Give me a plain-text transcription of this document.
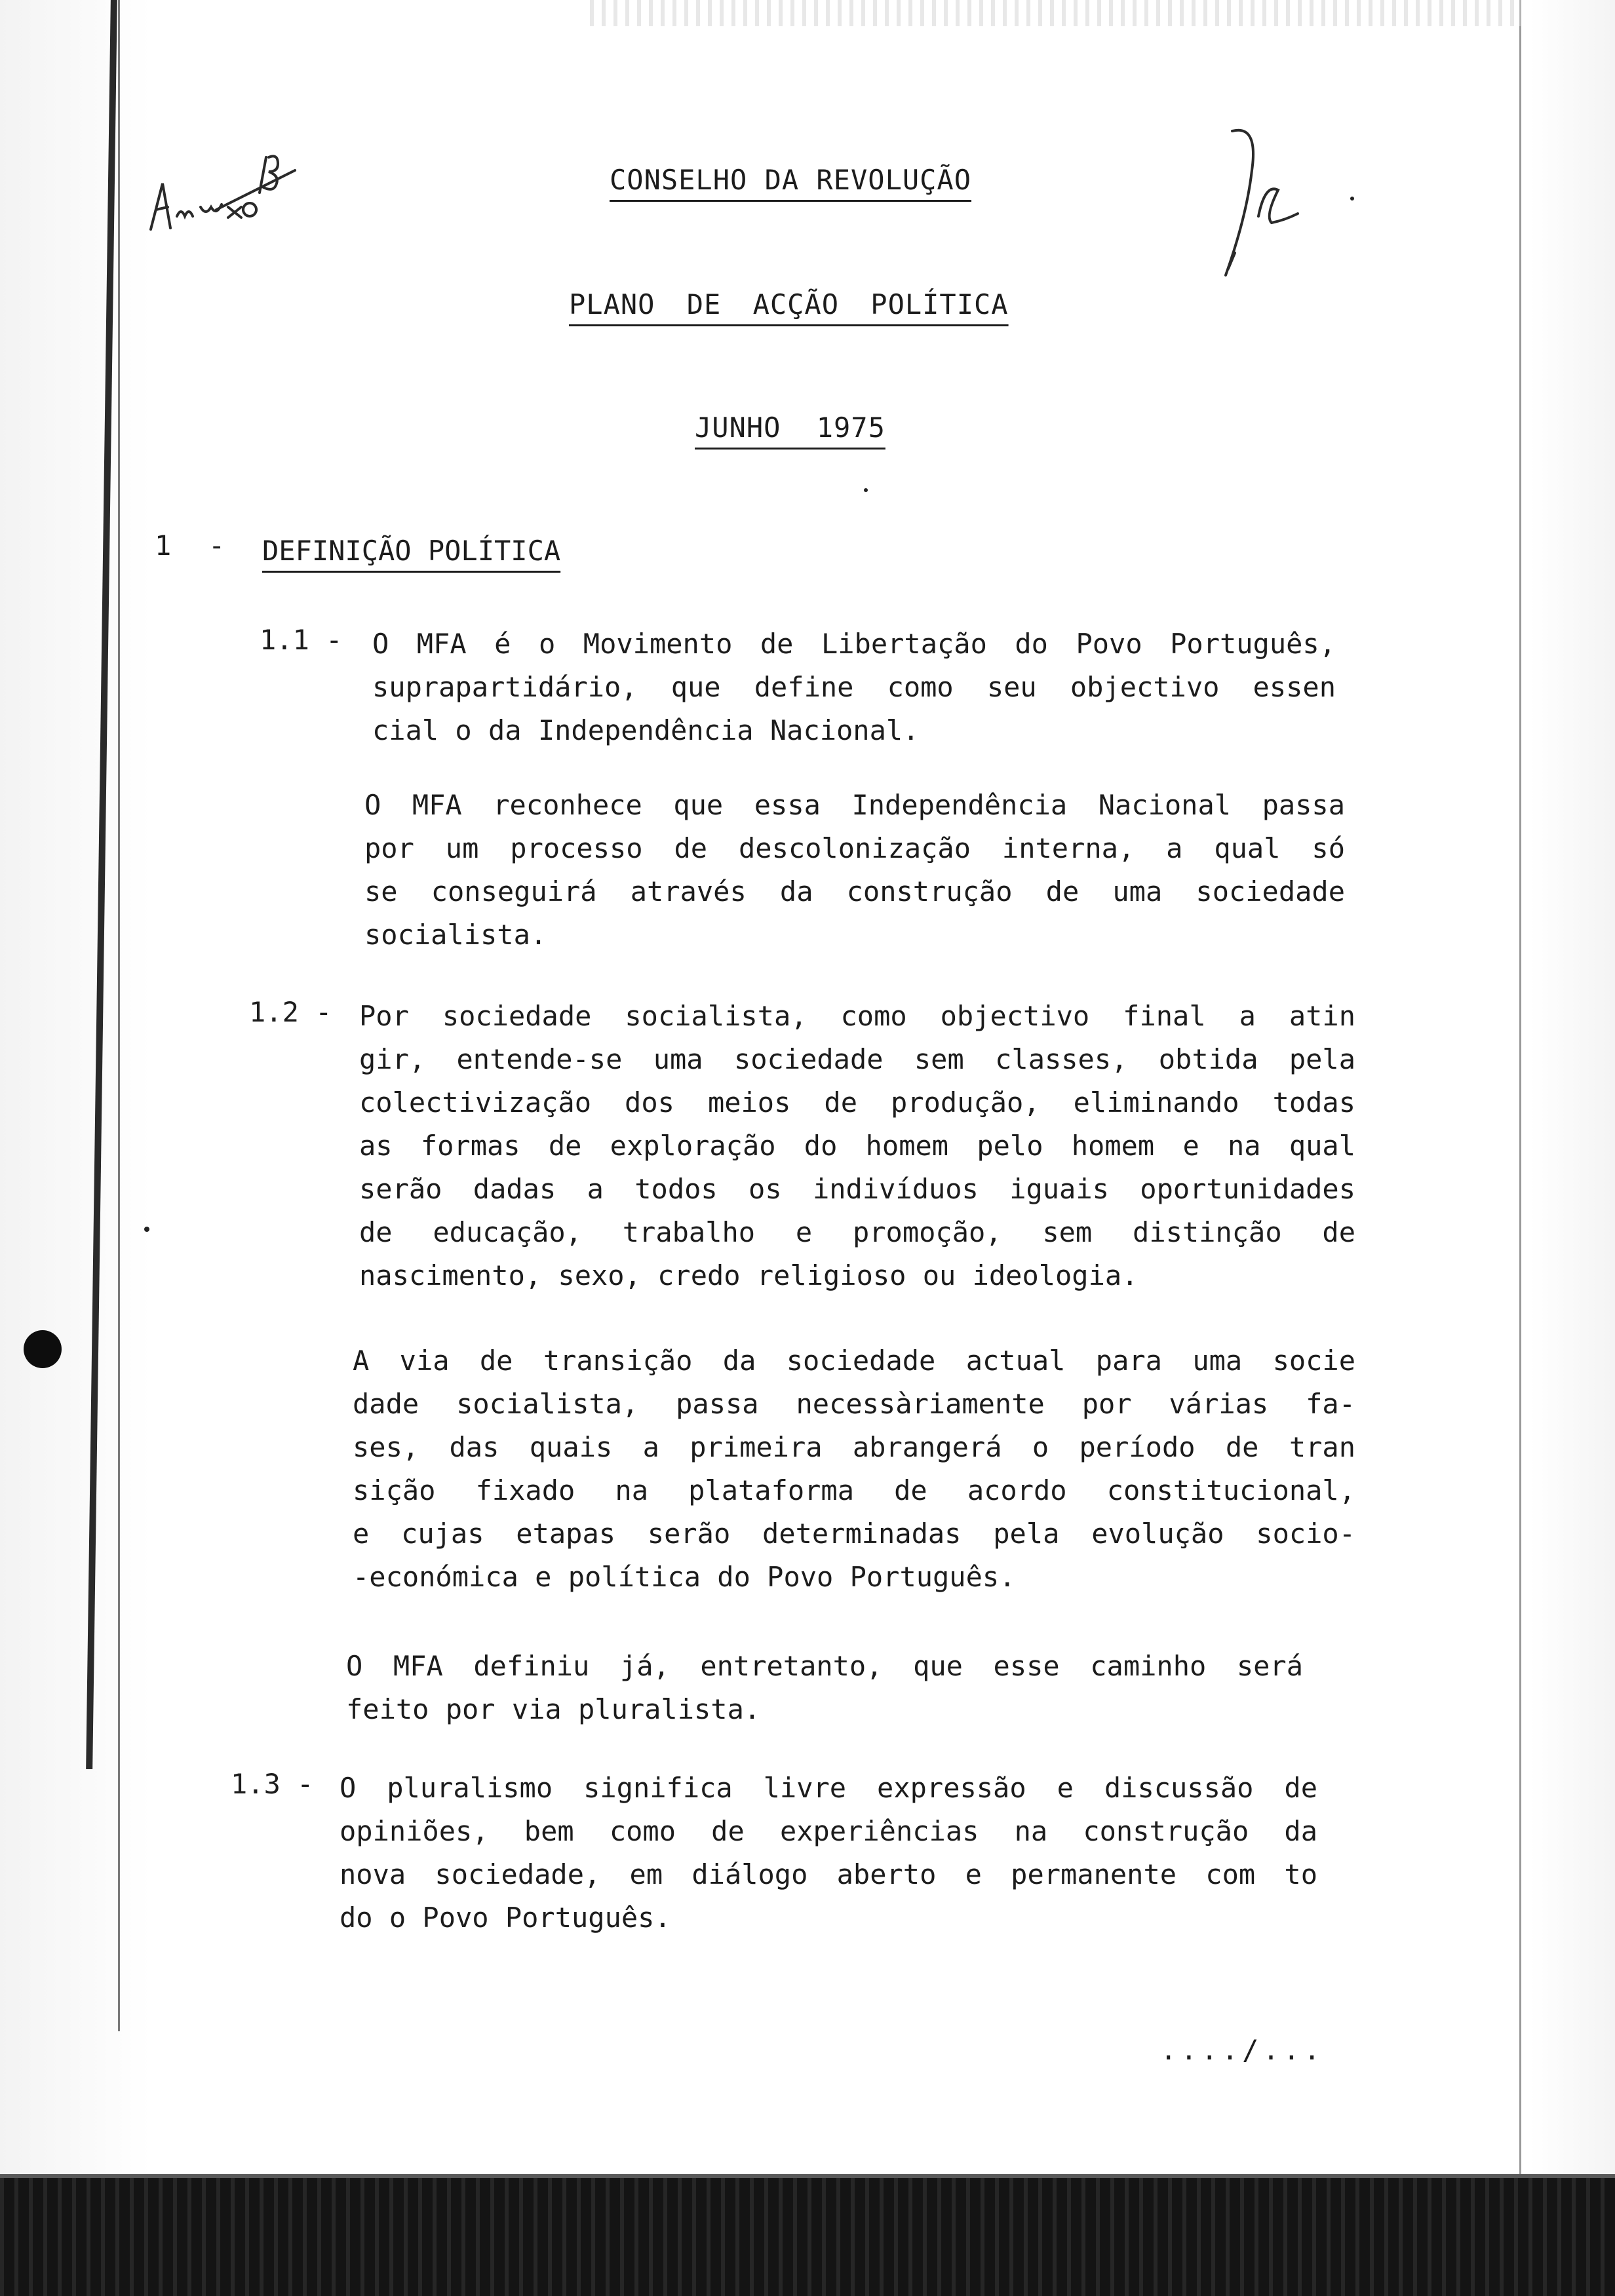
CONSELHO DA REVOLUÇÃO
PLANO DE ACÇÃO POLÍTICA
JUNHO 1975
1 - DEFINIÇÃO POLÍTICA
1.1 - O MFA é o Movimento de Libertação do Povo Português,
suprapartidário, que define como seu objectivo essen
cial o da Independência Nacional.
O MFA reconhece que essa Independência Nacional passa
por um processo de descolonização interna, a qual só
se conseguirá através da construção de uma sociedade
socialista.
1.2 - Por sociedade socialista, como objectivo final a atin
gir, entende-se uma sociedade sem classes, obtida pela
colectivização dos meios de produção, eliminando todas
as formas de exploração do homem pelo homem e na qual
serão dadas a todos os indivíduos iguais oportunidades
de educação, trabalho e promoção, sem distinção de
nascimento, sexo, credo religioso ou ideologia.
A via de transição da sociedade actual para uma socie
dade socialista, passa necessàriamente por várias fa-
ses, das quais a primeira abrangerá o período de tran
sição fixado na plataforma de acordo constitucional,
e cujas etapas serão determinadas pela evolução socio-
-económica e política do Povo Português.
O MFA definiu já, entretanto, que esse caminho será
feito por via pluralista.
1.3 - O pluralismo significa livre expressão e discussão de
opiniões, bem como de experiências na construção da
nova sociedade, em diálogo aberto e permanente com to
do o Povo Português.
..../...
